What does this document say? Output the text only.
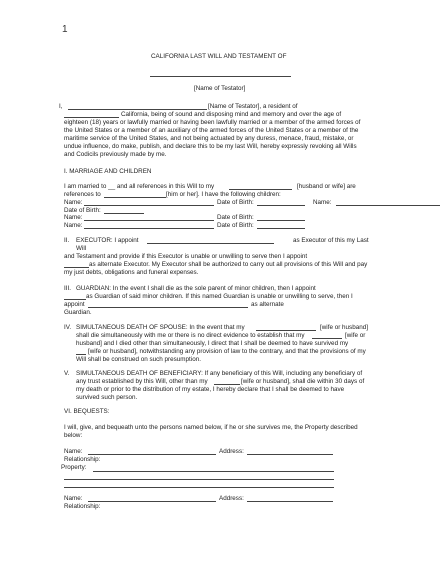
1
CALIFORNIA LAST WILL AND TESTAMENT OF
[Name of Testator]
I,	[Name of Testator], a resident of
California, being of sound and disposing mind and memory and over the age of
eighteen (18) years or lawfully married or having been lawfully married or a member of the armed forces of
the United States or a member of an auxiliary of the armed forces of the United States or a member of the
maritime service of the United States, and not being actuated by any duress, menace, fraud, mistake, or
undue influence, do make, publish, and declare this to be my last Will, hereby expressly revoking all Wills
and Codicils previously made by me.
I. MARRIAGE AND CHILDREN
I am married to __ and all references in this Will to my	[husband or wife] are
references to	[him or her]. I have the following children:
Name:	Date of Birth:	Name:
Date of Birth:
Name:	Date of Birth:
Name:	Date of Birth:
II. EXECUTOR: I appoint	as Executor of this my Last
Will
and Testament and provide if this Executor is unable or unwilling to serve then I appoint
as alternate Executor. My Executor shall be authorized to carry out all provisions of this Will and pay
my just debts, obligations and funeral expenses.
III. GUARDIAN: In the event I shall die as the sole parent of minor children, then I appoint
as Guardian of said minor children. If this named Guardian is unable or unwilling to serve, then I
appoint	as alternate
Guardian.
IV. SIMULTANEOUS DEATH OF SPOUSE: In the event that my	[wife or husband]
shall die simultaneously with me or there is no direct evidence to establish that my	[wife or
husband] and I died other than simultaneously, I direct that I shall be deemed to have survived my
[wife or husband], notwithstanding any provision of law to the contrary, and that the provisions of my
Will shall be construed on such presumption.
V. SIMULTANEOUS DEATH OF BENEFICIARY: If any beneficiary of this Will, including any beneficiary of
any trust established by this Will, other than my	[wife or husband], shall die within 30 days of
my death or prior to the distribution of my estate, I hereby declare that I shall be deemed to have
survived such person.
VI. BEQUESTS:
I will, give, and bequeath unto the persons named below, if he or she survives me, the Property described
below:
Name:	Address:
Relationship:
Property:
Name:	Address:
Relationship:
